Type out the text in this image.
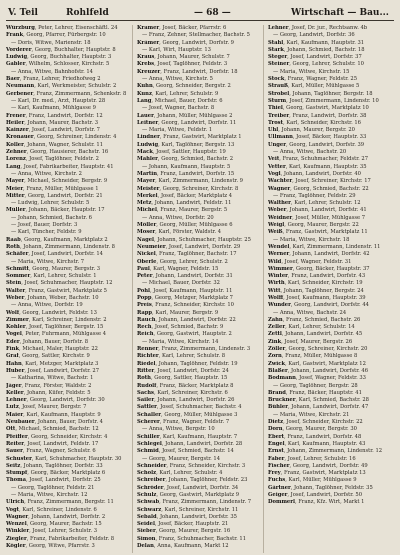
V. Teil	Rohlfeld	— 68 —	Wirtschaft — Bau...
Würzburg, Peter, Lehrer, Eisenschäftl. 24
Frank, Georg, Pfarrer, Fürbergstr. 10
— Doris, Witwe, Marienstr. 18
Vorderer, Georg, Buchhalter, Hauptstr. 8
Ludwig, Georg, Buchhalter, Hauptstr. 3
Gabler, Wilhelm, Schlosser, Kirchstr. 5
— Anna, Witwe, Bahnhofstr. 14
Baer, Franz, Lehrer, Friedhofweg 2
Neumann, Karl, Werkmeister, Schulstr. 2
Gerbener, Franz, Zimmermann, Schenkstr. 8
— Karl, Dr. med., Arzt, Hauptstr. 28
— Karl, Kaufmann, Mühlgasse 9
Frener, Franz, Landwirt, Dorfstr. 12
Heiler, Johann, Maurer, Bachstr. 3
Kainzer, Josef, Landwirt, Dorfstr. 7
Kronauer, Georg, Schreiner, Lindenstr. 4
Koller, Johann, Wagner, Schulstr. 11
Zehner, Georg, Hausierer, Bachstr. 16
Lorenz, Josef, Taglöhner, Feldstr. 2
Lang, Josef, Fabrikarbeiter, Hauptstr. 41
— Anna, Witwe, Kirchstr. 2
Mayer, Michael, Schneider, Bergstr. 9
Meier, Franz, Müller, Mühlgasse 1
Mitter, Georg, Landwirt, Dorfstr. 21
— Ludwig, Lehrer, Schulstr. 5
Müller, Johann, Bäcker, Hauptstr. 17
— Johann, Schmied, Bachstr. 6
— Josef, Bauer, Dorfstr. 3
— Karl, Tüncher, Feldstr. 9
Raab, Georg, Kaufmann, Marktplatz 2
Roth, Johann, Zimmermann, Lindenstr. 8
Schäfer, Josef, Landwirt, Dorfstr. 14
— Maria, Witwe, Kirchstr. 7
Schmitt, Georg, Maurer, Bergstr. 3
Sommer, Karl, Lehrer, Schulstr. 1
Stein, Josef, Schuhmacher, Hauptstr. 12
Walter, Franz, Gastwirt, Marktplatz 5
Weber, Johann, Weber, Bachstr. 10
— Anna, Witwe, Dorfstr. 19
Wolf, Georg, Landwirt, Feldstr. 13
Zimmer, Karl, Schreiner, Lindenstr. 2
Kohler, Josef, Taglöhner, Bergstr. 15
Vogel, Peter, Fuhrmann, Mühlgasse 4
Eder, Johann, Bauer, Dorfstr. 8
Fink, Michael, Maler, Hauptstr. 22
Graf, Georg, Sattler, Kirchstr. 9
Hahn, Karl, Metzger, Marktplatz 3
Huber, Josef, Landwirt, Dorfstr. 27
— Katharina, Witwe, Bachstr. 1
Jäger, Franz, Förster, Waldstr. 2
Keller, Johann, Küfer, Feldstr. 5
Lehner, Georg, Landwirt, Dorfstr. 30
Lutz, Josef, Maurer, Bergstr. 7
Maier, Karl, Kaufmann, Hauptstr. 9
Neubauer, Johann, Bauer, Dorfstr. 4
Ott, Michael, Schmied, Bachstr. 12
Pfeiffer, Georg, Schneider, Kirchstr. 4
Reiter, Josef, Landwirt, Feldstr. 17
Sauer, Franz, Wagner, Schulstr. 6
Schuster, Karl, Schuhmacher, Hauptstr. 30
Seitz, Johann, Taglöhner, Dorfstr. 33
Stumpf, Georg, Bäcker, Marktplatz 6
Thoma, Josef, Landwirt, Dorfstr. 25
— Georg, Taglöhner, Feldstr. 21
— Maria, Witwe, Kirchstr. 12
Ulrich, Franz, Zimmermann, Bergstr. 11
Vogt, Karl, Schreiner, Lindenstr. 6
Wagner, Johann, Landwirt, Dorfstr. 2
Wenzel, Georg, Maurer, Bachstr. 15
Winkler, Josef, Lehrer, Schulstr. 3
Ziegler, Franz, Fabrikarbeiter, Feldstr. 8
Kögler, Georg, Witwe, Pfarrstr. 3
Kramer, Josef, Bäcker, Pfarrstr. 6
— Franz, Zehner, Stellmacher, Bachstr. 5
Krämer, Georg, Landwirt, Dorfstr. 9
— Karl, Wirt, Hauptstr. 13
Kraus, Johann, Maurer, Schulstr. 7
Krebs, Josef, Taglöhner, Feldstr. 3
Kreuzer, Franz, Landwirt, Dorfstr. 18
— Anna, Witwe, Kirchstr. 5
Kuhn, Georg, Schneider, Bergstr. 2
Kunz, Karl, Lehrer, Schulstr. 9
Lang, Michael, Bauer, Dorfstr. 6
— Josef, Wagner, Bachstr. 8
Lauer, Johann, Müller, Mühlgasse 2
Leitner, Georg, Landwirt, Dorfstr. 11
— Maria, Witwe, Feldstr. 1
Lindner, Franz, Gastwirt, Marktplatz 1
Ludwig, Karl, Taglöhner, Bergstr. 13
Mack, Josef, Sattler, Hauptstr. 19
Mahler, Georg, Schmied, Bachstr. 2
— Johann, Kaufmann, Hauptstr. 5
Martin, Franz, Landwirt, Dorfstr. 15
Mayer, Karl, Zimmermann, Lindenstr. 9
Meister, Georg, Schreiner, Kirchstr. 8
Merkel, Josef, Bäcker, Marktplatz 4
Metz, Johann, Landwirt, Feldstr. 11
Michel, Franz, Maurer, Bergstr. 5
— Anna, Witwe, Dorfstr. 20
Möller, Georg, Müller, Mühlgasse 6
Moser, Karl, Förster, Waldstr. 4
Nagel, Johann, Schuhmacher, Hauptstr. 25
Neumeier, Josef, Landwirt, Dorfstr. 29
Nickel, Franz, Taglöhner, Bachstr. 17
Oberle, Georg, Lehrer, Schulstr. 2
Paul, Karl, Wagner, Feldstr. 15
Peter, Johann, Landwirt, Dorfstr. 31
— Michael, Bauer, Dorfstr. 32
Pohl, Josef, Kaufmann, Hauptstr. 11
Popp, Georg, Metzger, Marktplatz 7
Preis, Franz, Schneider, Kirchstr. 10
Rapp, Karl, Maurer, Bergstr. 9
Rauch, Johann, Landwirt, Dorfstr. 22
Rech, Josef, Schmied, Bachstr. 9
Reich, Georg, Gastwirt, Hauptstr. 2
— Maria, Witwe, Kirchstr. 14
Renner, Franz, Zimmermann, Lindenstr. 3
Richter, Karl, Lehrer, Schulstr. 8
Riedel, Johann, Taglöhner, Feldstr. 19
Ritter, Josef, Landwirt, Dorfstr. 24
Roth, Georg, Sattler, Hauptstr. 15
Rudolf, Franz, Bäcker, Marktplatz 8
Sachs, Karl, Schreiner, Kirchstr. 6
Sailer, Johann, Landwirt, Dorfstr. 26
Sattler, Josef, Schuhmacher, Bachstr. 4
Schaller, Georg, Müller, Mühlgasse 3
Scherer, Franz, Wagner, Feldstr. 7
— Anna, Witwe, Bergstr. 10
Schiller, Karl, Kaufmann, Hauptstr. 7
Schlegel, Johann, Landwirt, Dorfstr. 28
Schmid, Josef, Schmied, Bachstr. 14
— Georg, Maurer, Bergstr. 14
Schneider, Franz, Schneider, Kirchstr. 3
Scholz, Karl, Lehrer, Schulstr. 4
Schreiber, Johann, Taglöhner, Feldstr. 23
Schröder, Josef, Landwirt, Dorfstr. 34
Schulz, Georg, Gastwirt, Marktplatz 9
Schwab, Franz, Zimmermann, Lindenstr. 7
Schwarz, Karl, Schreiner, Kirchstr. 11
Sebald, Johann, Landwirt, Dorfstr. 35
Seidel, Josef, Bäcker, Hauptstr. 21
Sieber, Georg, Maurer, Bergstr. 16
Simon, Franz, Schuhmacher, Bachstr. 11
Delan, Anna, Kaufmann, Markt 12
Lehner, Josef, Dr. jur., Rechtsanw. 4b
— Georg, Landwirt, Dorfstr. 36
Stahl, Karl, Kaufmann, Hauptstr. 31
Stark, Johann, Schmied, Bachstr. 18
Steger, Josef, Landwirt, Dorfstr. 37
Steiner, Georg, Lehrer, Schulstr. 10
— Maria, Witwe, Kirchstr. 15
Stock, Franz, Wagner, Feldstr. 25
Strauß, Karl, Müller, Mühlgasse 5
Strobel, Johann, Taglöhner, Bergstr. 18
Sturm, Josef, Zimmermann, Lindenstr. 10
Thiel, Georg, Gastwirt, Marktplatz 10
Treiber, Franz, Landwirt, Dorfstr. 38
Trost, Karl, Schneider, Kirchstr. 16
Uhl, Johann, Maurer, Bergstr. 20
Ullmann, Josef, Bäcker, Hauptstr. 33
Unger, Georg, Landwirt, Dorfstr. 39
— Anna, Witwe, Bachstr. 20
Veit, Franz, Schuhmacher, Feldstr. 27
Vetter, Karl, Kaufmann, Hauptstr. 35
Vogl, Johann, Landwirt, Dorfstr. 40
Wachter, Josef, Schreiner, Kirchstr. 17
Wagner, Georg, Schmied, Bachstr. 22
— Franz, Taglöhner, Feldstr. 29
Walther, Karl, Lehrer, Schulstr. 12
Weber, Johann, Landwirt, Dorfstr. 41
Weidner, Josef, Müller, Mühlgasse 7
Weigl, Georg, Maurer, Bergstr. 22
Weiß, Franz, Gastwirt, Marktplatz 11
— Maria, Witwe, Kirchstr. 18
Wendel, Karl, Zimmermann, Lindenstr. 11
Werner, Johann, Landwirt, Dorfstr. 42
Wild, Josef, Wagner, Feldstr. 31
Wimmer, Georg, Bäcker, Hauptstr. 37
Winter, Franz, Landwirt, Dorfstr. 43
Wirth, Karl, Schneider, Kirchstr. 19
Witt, Johann, Taglöhner, Bergstr. 24
Wolff, Josef, Kaufmann, Hauptstr. 39
Wunder, Georg, Landwirt, Dorfstr. 44
— Anna, Witwe, Bachstr. 24
Zahn, Franz, Schmied, Bachstr. 26
Zeller, Karl, Lehrer, Schulstr. 14
Zettl, Johann, Landwirt, Dorfstr. 45
Zink, Josef, Maurer, Bergstr. 26
Zöller, Georg, Schreiner, Kirchstr. 20
Zorn, Franz, Müller, Mühlgasse 8
Zwick, Karl, Gastwirt, Marktplatz 12
Blaßer, Johann, Landwirt, Dorfstr. 46
Bodmann, Josef, Wagner, Feldstr. 33
— Georg, Taglöhner, Bergstr. 28
Brand, Franz, Bäcker, Hauptstr. 41
Bruckner, Karl, Schmied, Bachstr. 28
Bühler, Johann, Landwirt, Dorfstr. 47
— Maria, Witwe, Kirchstr. 21
Dietz, Josef, Schneider, Kirchstr. 22
Dorn, Georg, Maurer, Bergstr. 30
Ebert, Franz, Landwirt, Dorfstr. 48
Engel, Karl, Kaufmann, Hauptstr. 43
Ernst, Johann, Zimmermann, Lindenstr. 12
Faber, Josef, Lehrer, Schulstr. 16
Fischer, Georg, Landwirt, Dorfstr. 49
Frey, Franz, Gastwirt, Marktplatz 13
Fuchs, Karl, Müller, Mühlgasse 9
Gärtner, Johann, Taglöhner, Feldstr. 35
Geiger, Josef, Landwirt, Dorfstr. 50
Dommerl, Franz, Kfz. Wirt, Markt 1
